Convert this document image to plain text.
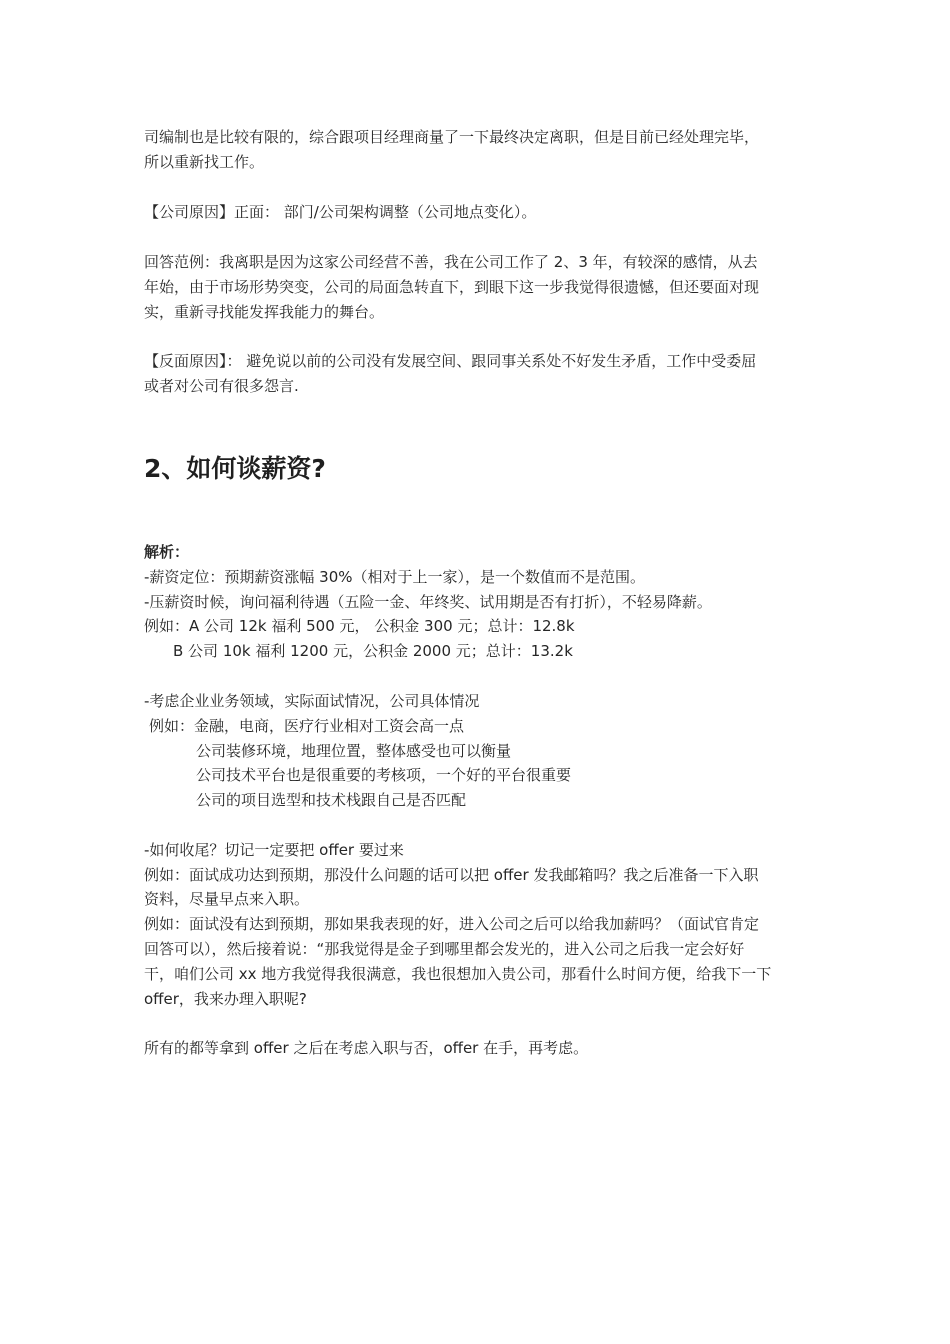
司编制也是比较有限的，综合跟项目经理商量了一下最终决定离职，但是目前已经处理完毕，
所以重新找工作。
【公司原因】正面： 部门/公司架构调整（公司地点变化）。
回答范例：我离职是因为这家公司经营不善，我在公司工作了 2、3 年，有较深的感情，从去
年始，由于市场形势突变，公司的局面急转直下，到眼下这一步我觉得很遗憾，但还要面对现
实，重新寻找能发挥我能力的舞台。
【反面原因】： 避免说以前的公司没有发展空间、跟同事关系处不好发生矛盾，工作中受委屈
或者对公司有很多怨言.
2、如何谈薪资?
解析：
-薪资定位：预期薪资涨幅 30%（相对于上一家），是一个数值而不是范围。
-压薪资时候，询问福利待遇（五险一金、年终奖、试用期是否有打折），不轻易降薪。
例如：A 公司 12k 福利 500 元， 公积金 300 元；总计：12.8k
B 公司 10k 福利 1200 元，公积金 2000 元；总计：13.2k
-考虑企业业务领域，实际面试情况，公司具体情况
例如：金融，电商，医疗行业相对工资会高一点
公司装修环境，地理位置，整体感受也可以衡量
公司技术平台也是很重要的考核项，一个好的平台很重要
公司的项目选型和技术栈跟自己是否匹配
-如何收尾？切记一定要把 offer 要过来
例如：面试成功达到预期，那没什么问题的话可以把 offer 发我邮箱吗？我之后准备一下入职
资料，尽量早点来入职。
例如：面试没有达到预期，那如果我表现的好，进入公司之后可以给我加薪吗？（面试官肯定
回答可以），然后接着说：“那我觉得是金子到哪里都会发光的，进入公司之后我一定会好好
干，咱们公司 xx 地方我觉得我很满意，我也很想加入贵公司，那看什么时间方便，给我下一下
offer，我来办理入职呢?
所有的都等拿到 offer 之后在考虑入职与否，offer 在手，再考虑。
